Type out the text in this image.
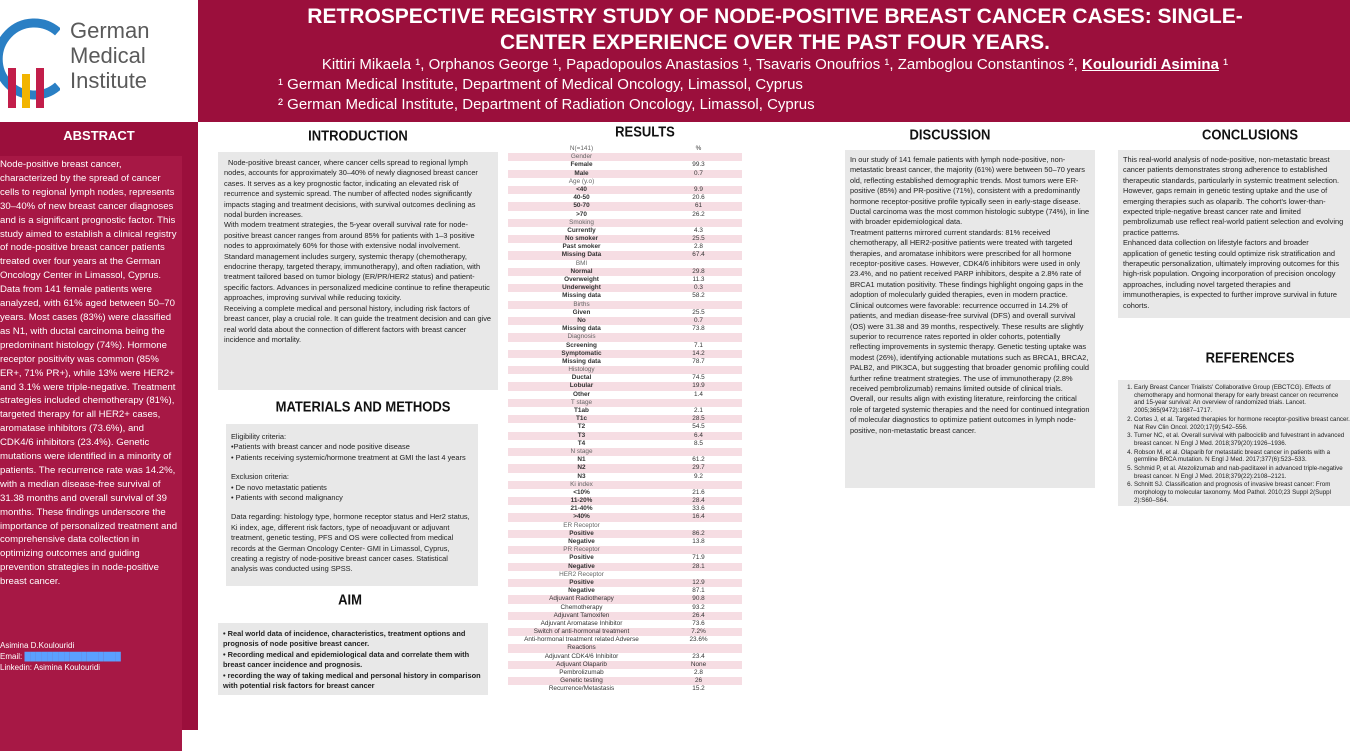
German
Medical
Institute
RETROSPECTIVE REGISTRY STUDY OF NODE-POSITIVE BREAST CANCER CASES: SINGLE-
CENTER EXPERIENCE OVER THE PAST FOUR YEARS.
Kittiri Mikaela ¹, Orphanos George ¹, Papadopoulos Anastasios ¹, Tsavaris Onoufrios ¹, Zamboglou Constantinos ², Koulouridi Asimina ¹
¹ German Medical Institute, Department of Medical Oncology, Limassol, Cyprus
² German Medical Institute, Department of Radiation Oncology, Limassol, Cyprus
ABSTRACT
Node-positive breast cancer, characterized by the spread of cancer cells to regional lymph nodes, represents 30–40% of new breast cancer diagnoses and is a significant prognostic factor. This study aimed to establish a clinical registry of node-positive breast cancer patients treated over four years at the German Oncology Center in Limassol, Cyprus. Data from 141 female patients were analyzed, with 61% aged between 50–70 years. Most cases (83%) were classified as N1, with ductal carcinoma being the predominant histology (74%). Hormone receptor positivity was common (85% ER+, 71% PR+), while 13% were HER2+ and 3.1% were triple-negative. Treatment strategies included chemotherapy (81%), targeted therapy for all HER2+ cases, aromatase inhibitors (73.6%), and CDK4/6 inhibitors (23.4%). Genetic mutations were identified in a minority of patients. The recurrence rate was 14.2%, with a median disease-free survival of 31.38 months and overall survival of 39 months. These findings underscore the importance of personalized treatment and comprehensive data collection in optimizing outcomes and guiding prevention strategies in node-positive breast cancer.
Asimina D.Koulouridi
Email: █████████████████
Linkedin: Asimina Koulouridi
INTRODUCTION

Node-positive breast cancer, where cancer cells spread to regional lymph nodes, accounts for approximately 30–40% of newly diagnosed breast cancer cases. It serves as a key prognostic factor, indicating an elevated risk of recurrence and systemic spread. The number of affected nodes significantly impacts staging and treatment decisions, with survival outcomes declining as nodal burden increases.

With modern treatment strategies, the 5-year overall survival rate for node-positive breast cancer ranges from around 85% for patients with 1–3 positive nodes to approximately 60% for those with extensive nodal involvement. Standard management includes surgery, systemic therapy (chemotherapy, endocrine therapy, targeted therapy, immunotherapy), and often radiation, with treatment tailored based on tumor biology (ER/PR/HER2 status) and patient-specific factors. Advances in personalized medicine continue to refine therapeutic approaches, improving survival while reducing toxicity.

Receiving a complete medical and personal history, including risk factors of breast cancer, play a crucial role. It can guide the treatment decision and can give real world data about the connection of different factors with breast cancer incidence and mortality.

MATERIALS AND METHODS

Eligibility criteria:

•Patients with breast cancer and node positive disease

• Patients receiving systemic/hormone treatment at GMI the last 4 years

Exclusion criteria:

• De novo metastatic patients

• Patients with second malignancy

Data regarding: histology type, hormone receptor status and Her2 status, Ki index, age, different risk factors, type of neoadjuvant or adjuvant treatment, genetic testing, PFS and OS were collected from medical records at the German Oncology Center- GMI in Limassol, Cyprus, creating a registry of node-positive breast cancer cases. Statistical analysis was conducted using SPSS.

AIM

• Real world data of incidence, characteristics, treatment options and prognosis of node positive breast cancer.

• Recording medical and epidemiological data and correlate them with breast cancer incidence and prognosis.

• recording the way of taking medical and personal history in comparison with potential risk factors for breast cancer

RESULTS
N(=141)	%
Gender
Female	99.3
Male	0.7
Age (y.o)
<40	9.9
40-50	20.6
50-70	61
>70	26.2
Smoking
Currently	4.3
No smoker	25.5
Past smoker	2.8
Missing Data	67.4
BMI
Normal	29.8
Overweight	11.3
Underweight	0.3
Missing data	58.2
Births
Given	25.5
No	0.7
Missing data	73.8
Diagnosis
Screening	7.1
Symptomatic	14.2
Missing data	78.7
Histology
Ductal	74.5
Lobular	19.9
Other	1.4
T stage
T1ab	2.1
T1c	28.5
T2	54.5
T3	6.4
T4	8.5
N stage
N1	61.2
N2	29.7
N3	9.2
Ki index
<10%	21.6
11-20%	28.4
21-40%	33.6
>40%	16.4
ER Receptor
Positive	86.2
Negative	13.8
PR Receptor
Positive	71.9
Negative	28.1
HER2 Receptor
Positive	12.9
Negative	87.1
Adjuvant Radiotherapy	90.8
Chemotherapy	93.2
Adjuvant Tamoxifen	26.4
Adjuvant Aromatase Inhibitor	73.6
Switch of anti-hormonal treatment	7.2%
Anti-hormonal treatment related Adverse	23.6%
Reactions
Adjuvant CDK4/6 Inhibitor	23.4
Adjuvant Olaparib	None
Pembrolizumab	2.8
Genetic testing	26
Recurrence/Metastasis	15.2
DISCUSSION

In our study of 141 female patients with lymph node-positive, non-metastatic breast cancer, the majority (61%) were between 50–70 years old, reflecting established demographic trends. Most tumors were ER-positive (85%) and PR-positive (71%), consistent with a predominantly hormone receptor-positive profile typically seen in early-stage disease. Ductal carcinoma was the most common histologic subtype (74%), in line with broader epidemiological data.

Treatment patterns mirrored current standards: 81% received chemotherapy, all HER2-positive patients were treated with targeted therapies, and aromatase inhibitors were prescribed for all hormone receptor-positive cases. However, CDK4/6 inhibitors were used in only 23.4%, and no patient received PARP inhibitors, despite a 2.8% rate of BRCA1 mutation positivity. These findings highlight ongoing gaps in the adoption of molecularly guided therapies, even in modern practice.

Clinical outcomes were favorable: recurrence occurred in 14.2% of patients, and median disease-free survival (DFS) and overall survival (OS) were 31.38 and 39 months, respectively. These results are slightly superior to recurrence rates reported in older cohorts, potentially reflecting improvements in systemic therapy. Genetic testing uptake was modest (26%), identifying actionable mutations such as BRCA1, BRCA2, PALB2, and PIK3CA, but suggesting that broader genomic profiling could further refine treatment strategies. The use of immunotherapy (2.8% received pembrolizumab) remains limited outside of clinical trials.

Overall, our results align with existing literature, reinforcing the critical role of targeted systemic therapies and the need for continued integration of molecular diagnostics to optimize patient outcomes in lymph node-positive, non-metastatic breast cancer.

CONCLUSIONS

This real-world analysis of node-positive, non-metastatic breast cancer patients demonstrates strong adherence to established therapeutic standards, particularly in systemic treatment selection. However, gaps remain in genetic testing uptake and the use of emerging therapies such as olaparib. The cohort's lower-than-expected triple-negative breast cancer rate and limited pembrolizumab use reflect real-world patient selection and evolving practice patterns.

Enhanced data collection on lifestyle factors and broader application of genetic testing could optimize risk stratification and therapeutic personalization, ultimately improving outcomes for this high-risk population. Ongoing incorporation of precision oncology approaches, including novel targeted therapies and immunotherapies, is expected to further improve survival in future cohorts.

REFERENCES
1. Early Breast Cancer Trialists' Collaborative Group (EBCTCG). Effects of chemotherapy and hormonal therapy for early breast cancer on recurrence and 15-year survival: An overview of randomized trials. Lancet. 2005;365(9472):1687–1717.
2. Cortes J, et al. Targeted therapies for hormone receptor-positive breast cancer. Nat Rev Clin Oncol. 2020;17(9):542–556.
3. Turner NC, et al. Overall survival with palbociclib and fulvestrant in advanced breast cancer. N Engl J Med. 2018;379(20):1926–1936.
4. Robson M, et al. Olaparib for metastatic breast cancer in patients with a germline BRCA mutation. N Engl J Med. 2017;377(6):523–533.
5. Schmid P, et al. Atezolizumab and nab-paclitaxel in advanced triple-negative breast cancer. N Engl J Med. 2018;379(22):2108–2121.
6. Schnitt SJ. Classification and prognosis of invasive breast cancer: From morphology to molecular taxonomy. Mod Pathol. 2010;23 Suppl 2(Suppl 2):S60–S64.
